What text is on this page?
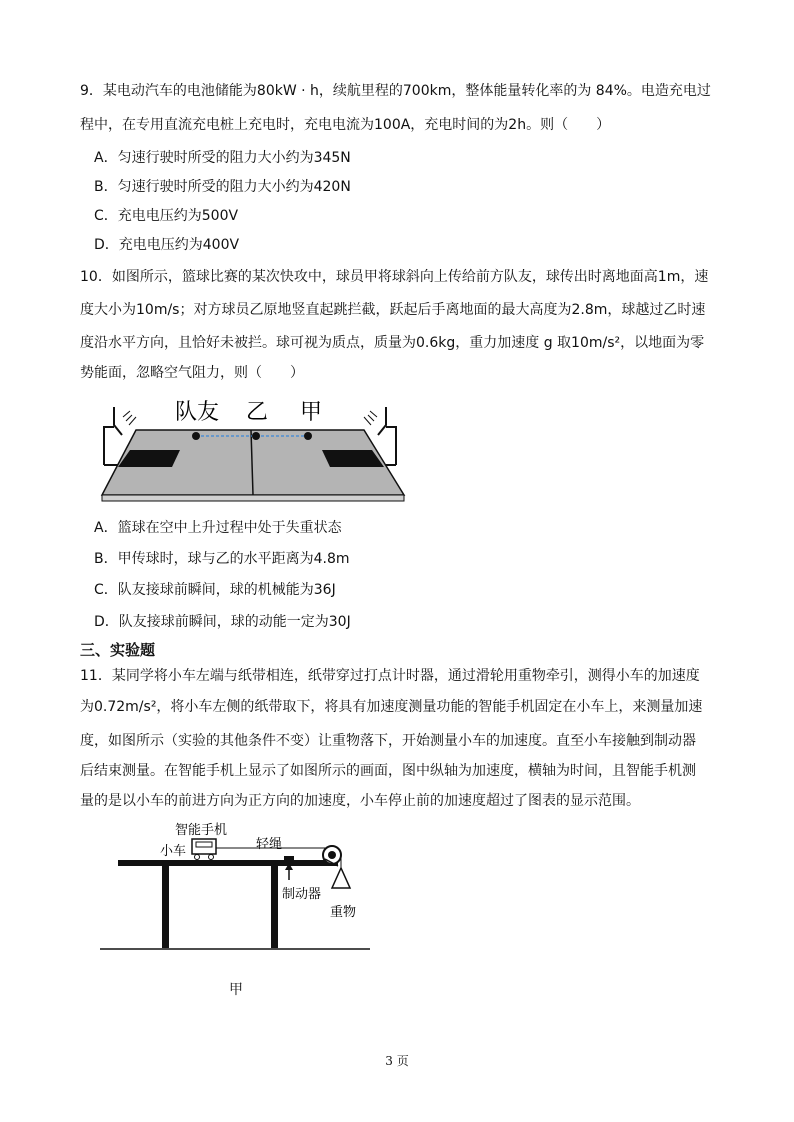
9．某电动汽车的电池储能为80kW · h，续航里程的700km，整体能量转化率的为 84%。电造充电过
程中，在专用直流充电桩上充电时，充电电流为100A，充电时间的为2h。则（　　）
A．匀速行驶时所受的阻力大小约为345N
B．匀速行驶时所受的阻力大小约为420N
C．充电电压约为500V
D．充电电压约为400V
10．如图所示，篮球比赛的某次快攻中，球员甲将球斜向上传给前方队友，球传出时离地面高1m，速
度大小为10m/s；对方球员乙原地竖直起跳拦截，跃起后手离地面的最大高度为2.8m，球越过乙时速
度沿水平方向，且恰好未被拦。球可视为质点，质量为0.6kg，重力加速度 g 取10m/s²，以地面为零
势能面，忽略空气阻力，则（　　）
队友 乙 甲
A．篮球在空中上升过程中处于失重状态
B．甲传球时，球与乙的水平距离为4.8m
C．队友接球前瞬间，球的机械能为36J
D．队友接球前瞬间，球的动能一定为30J
三、实验题
11．某同学将小车左端与纸带相连，纸带穿过打点计时器，通过滑轮用重物牵引，测得小车的加速度
为0.72m/s²，将小车左侧的纸带取下，将具有加速度测量功能的智能手机固定在小车上，来测量加速
度，如图所示（实验的其他条件不变）让重物落下，开始测量小车的加速度。直至小车接触到制动器
后结束测量。在智能手机上显示了如图所示的画面，图中纵轴为加速度，横轴为时间，且智能手机测
量的是以小车的前进方向为正方向的加速度，小车停止前的加速度超过了图表的显示范围。
智能手机
小车	轻绳
制动器
重物
甲
3 页
